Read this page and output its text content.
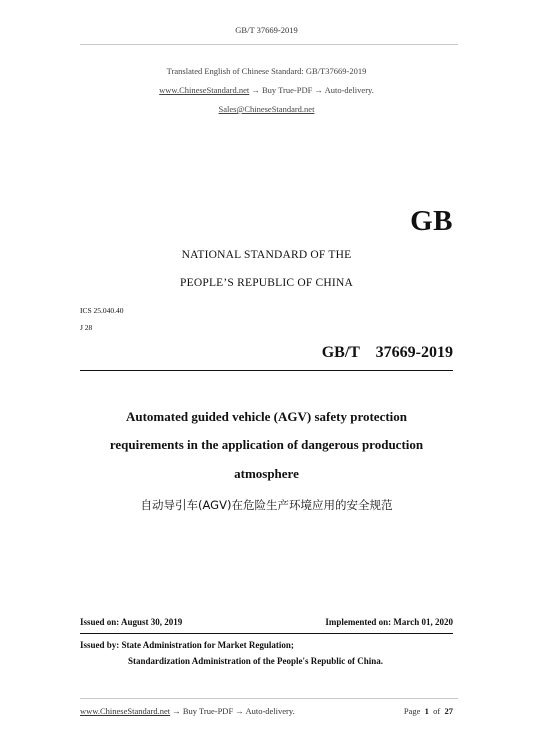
GB/T 37669-2019
Translated English of Chinese Standard: GB/T37669-2019
www.ChineseStandard.net → Buy True-PDF → Auto-delivery.
Sales@ChineseStandard.net
GB
NATIONAL STANDARD OF THE
PEOPLE’S REPUBLIC OF CHINA
ICS 25.040.40
J 28
GB/T  37669-2019
Automated guided vehicle (AGV) safety protection
requirements in the application of dangerous production
atmosphere
自动导引车(AGV)在危险生产环境应用的安全规范
Issued on: August 30, 2019	Implemented on: March 01, 2020
Issued by: State Administration for Market Regulation;
Standardization Administration of the People's Republic of China.
www.ChineseStandard.net → Buy True-PDF → Auto-delivery.	Page 1 of 27
